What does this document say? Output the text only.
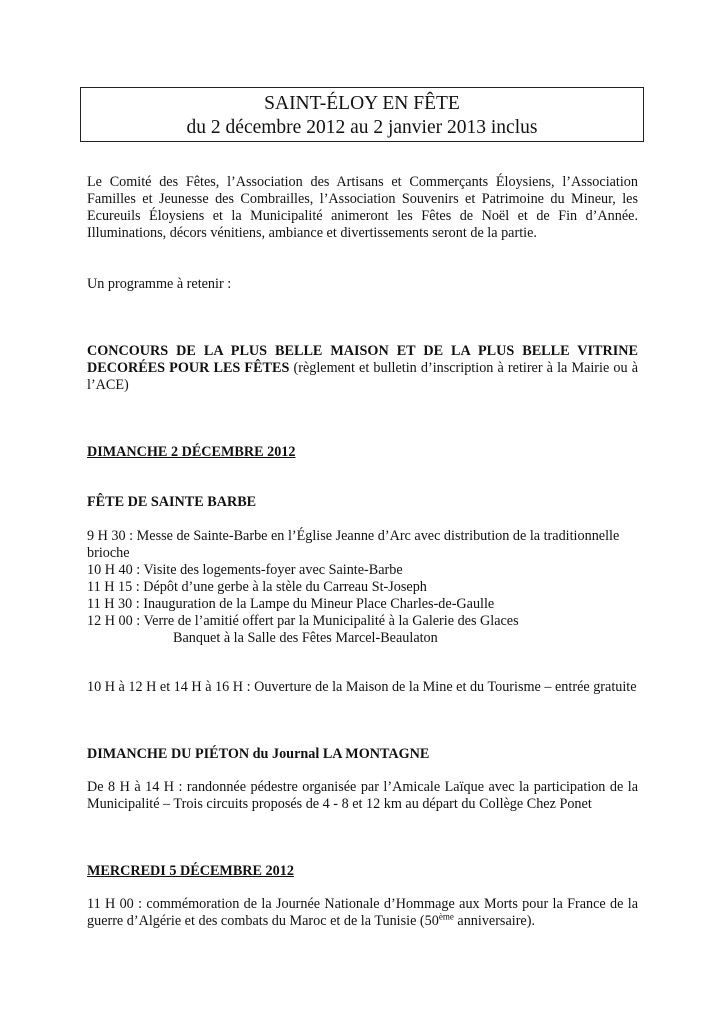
SAINT-ÉLOY EN FÊTE
du 2 décembre 2012 au 2 janvier 2013 inclus
Le Comité des Fêtes, l’Association des Artisans et Commerçants Éloysiens, l’Association Familles et Jeunesse des Combrailles, l’Association Souvenirs et Patrimoine du Mineur, les Ecureuils Éloysiens et la Municipalité animeront les Fêtes de Noël et de Fin d’Année. Illuminations, décors vénitiens, ambiance et divertissements seront de la partie.
Un programme à retenir :
CONCOURS DE LA PLUS BELLE MAISON ET DE LA PLUS BELLE VITRINE DECORÉES POUR LES FÊTES (règlement et bulletin d’inscription à retirer à la Mairie ou à l’ACE)
DIMANCHE 2 DÉCEMBRE 2012
FÊTE DE SAINTE BARBE
9 H 30 : Messe de Sainte-Barbe en l’Église Jeanne d’Arc avec distribution de la traditionnelle brioche
10 H 40 : Visite des logements-foyer avec Sainte-Barbe
11 H 15 : Dépôt d’une gerbe à la stèle du Carreau St-Joseph
11 H 30 : Inauguration de la Lampe du Mineur Place Charles-de-Gaulle
12 H 00 : Verre de l’amitié offert par la Municipalité à la Galerie des Glaces
Banquet à la Salle des Fêtes Marcel-Beaulaton
10 H à 12 H et 14 H à 16 H : Ouverture de la Maison de la Mine et du Tourisme – entrée gratuite
DIMANCHE DU PIÉTON du Journal LA MONTAGNE
De 8 H à 14 H : randonnée pédestre organisée par l’Amicale Laïque avec la participation de la Municipalité – Trois circuits proposés de 4 - 8 et 12 km au départ du Collège Chez Ponet
MERCREDI 5 DÉCEMBRE 2012
11 H 00 : commémoration de la Journée Nationale d’Hommage aux Morts pour la France de la guerre d’Algérie et des combats du Maroc et de la Tunisie (50ème anniversaire).
